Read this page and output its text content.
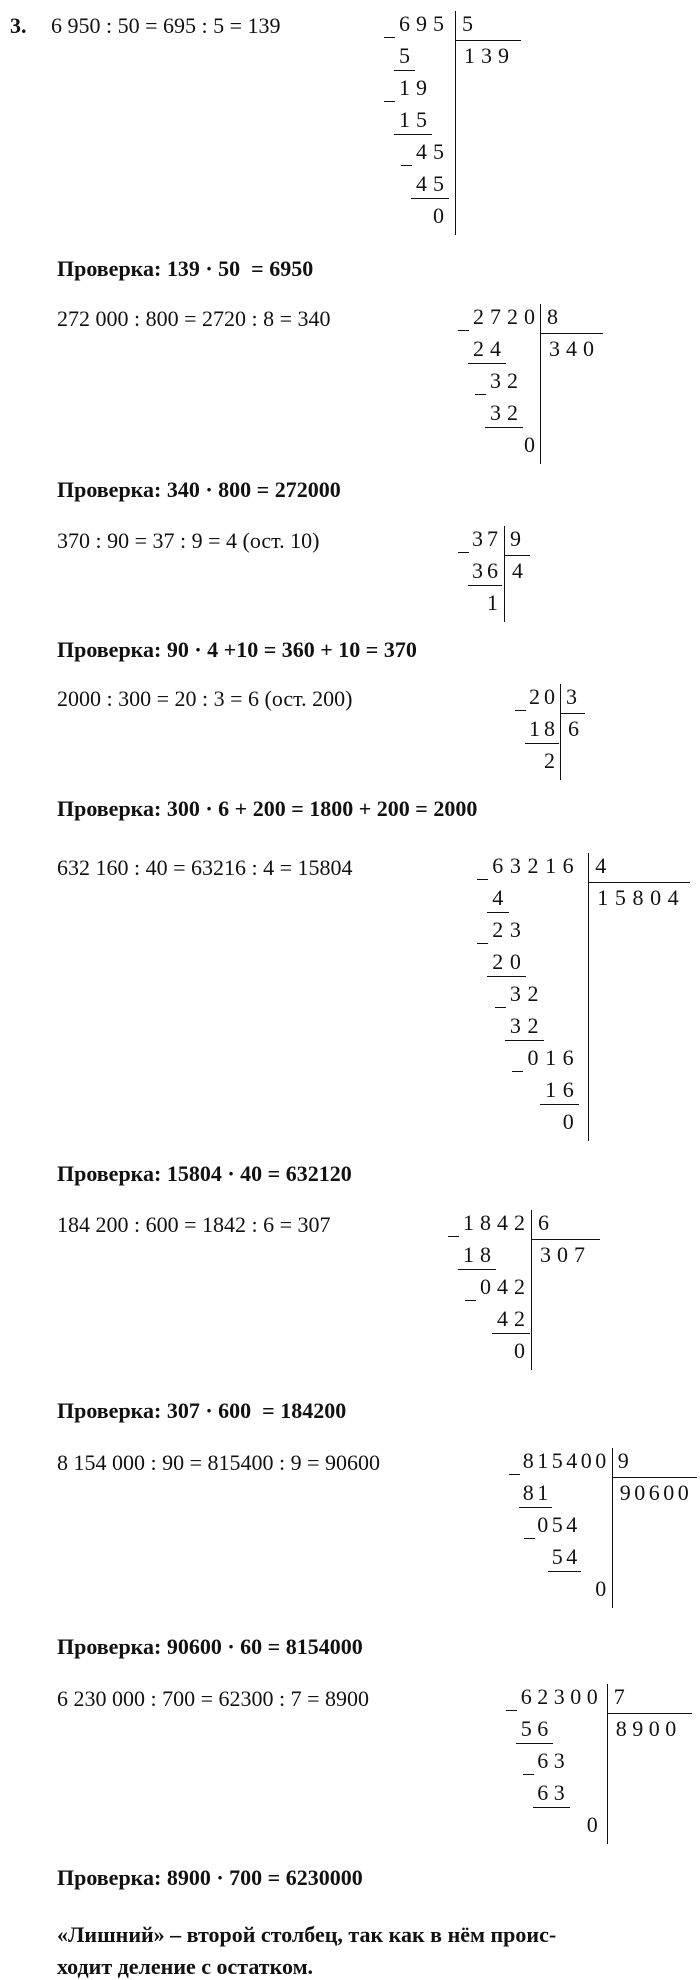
3. 6 950 : 50 = 695 : 5 = 139
Проверка: 139 · 50  = 6950
6 9 5 5
1 3 9
5
1 9
1 5
4 5
4 5
0
272 000 : 800 = 2720 : 8 = 340
Проверка: 340 · 800 = 272000
2 7 2 0 8
3 4 0
2 4
3 2
3 2
0
370 : 90 = 37 : 9 = 4 (ост. 10)
Проверка: 90 · 4 +10 = 360 + 10 = 370
3 7 9
4
3 6
1
2000 : 300 = 20 : 3 = 6 (ост. 200)
Проверка: 300 · 6 + 200 = 1800 + 200 = 2000
2 0 3
6
1 8
2
632 160 : 40 = 63216 : 4 = 15804
Проверка: 15804 · 40 = 632120
6 3 2 1 6 4
1 5 8 0 4
4
2 3
2 0
3 2
3 2
0 1 6
1 6
0
184 200 : 600 = 1842 : 6 = 307
Проверка: 307 · 600  = 184200
1 8 4 2 6
3 0 7
1 8
0 4 2
4 2
0
8 154 000 : 90 = 815400 : 9 = 90600
Проверка: 90600 · 60 = 8154000
8 1 5 4 0 0 9
9 0 6 0 0
8 1
0 5 4
5 4
0
6 230 000 : 700 = 62300 : 7 = 8900
Проверка: 8900 · 700 = 6230000
6 2 3 0 0 7
8 9 0 0
5 6
6 3
6 3
0
«Лишний» – второй столбец, так как в нём проис-
ходит деление с остатком.
